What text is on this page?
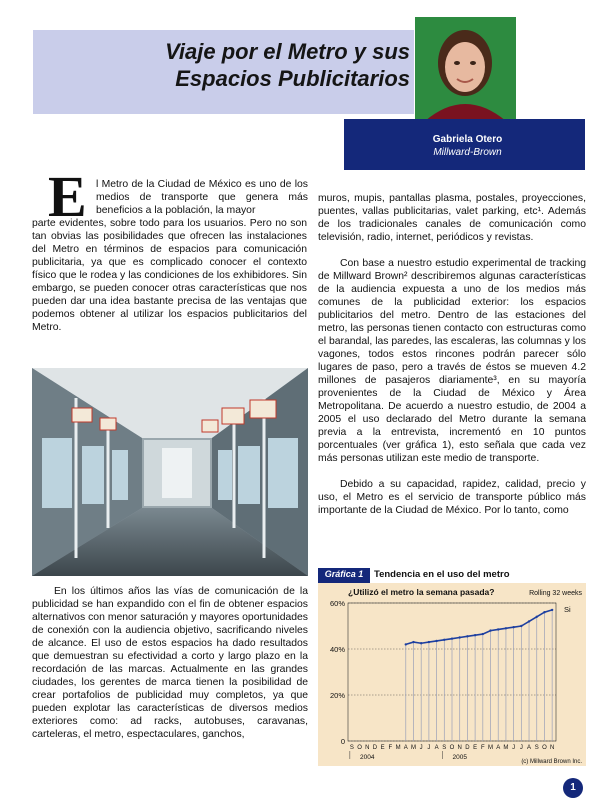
Viaje por el Metro y sus
Espacios Publicitarios
Gabriela Otero
Millward-Brown
E l Metro de la Ciudad de México es uno de los medios de transporte que genera más beneficios a la población, la mayor
parte evidentes, sobre todo para los usuarios. Pero no son tan obvias las posibilidades que ofrecen las instalaciones del Metro en términos de espacios para comunicación publicitaria, ya que es complicado conocer el contexto físico que le rodea y las condiciones de los exhibidores. Sin embargo, se pueden conocer otras características que nos pueden dar una idea bastante precisa de las ventajas que podemos obtener al utilizar los espacios publicitarios del Metro.

En los últimos años las vías de comunicación de la publicidad se han expandido con el fin de obtener espacios alternativos con menor saturación y mayores oportunidades de conexión con la audiencia objetivo, sacrificando niveles de alcance. El uso de estos espacios ha dado resultados que demuestran su efectividad a corto y largo plazo en la recordación de las marcas. Actualmente en las grandes ciudades, los gerentes de marca tienen la posibilidad de crear portafolios de publicidad muy completos, ya que pueden explotar las características de diversos medios exteriores como: ad racks, autobuses, caravanas, carteleras, el metro, espectaculares, ganchos,

muros, mupis, pantallas plasma, postales, proyecciones, puentes, vallas publicitarias, valet parking, etc¹. Además de los tradicionales canales de comunicación como televisión, radio, internet, periódicos y revistas.

Con base a nuestro estudio experimental de tracking de Millward Brown² describiremos algunas características de la audiencia expuesta a uno de los medios más comunes de la publicidad exterior: los espacios publicitarios del metro. Dentro de las estaciones del metro, las personas tienen contacto con estructuras como el barandal, las paredes, las escaleras, las columnas y los vagones, todos estos rincones podrán parecer sólo lugares de paso, pero a través de éstos se mueven 4.2 millones de pasajeros diariamente³, en su mayoría provenientes de la Ciudad de México y Área Metropolitana. De acuerdo a nuestro estudio, de 2004 a 2005 el uso declarado del Metro durante la semana previa a la entrevista, incrementó en 10 puntos porcentuales (ver gráfica 1), esto señala que cada vez más personas utilizan este medio de transporte.

Debido a su capacidad, rapidez, calidad, precio y uso, el Metro es el servicio de transporte público más importante de la Ciudad de México. Por lo tanto, como

Gráfica 1	Tendencia en el uso del metro
¿Utilizó el metro la semana pasada?	Rolling 32 weeks
0
20%
40%
60%
S O N D E F M A M J J A S O N D E F M A M J J A S O N
2004	2005
Si
(c) Millward Brown Inc.
1
